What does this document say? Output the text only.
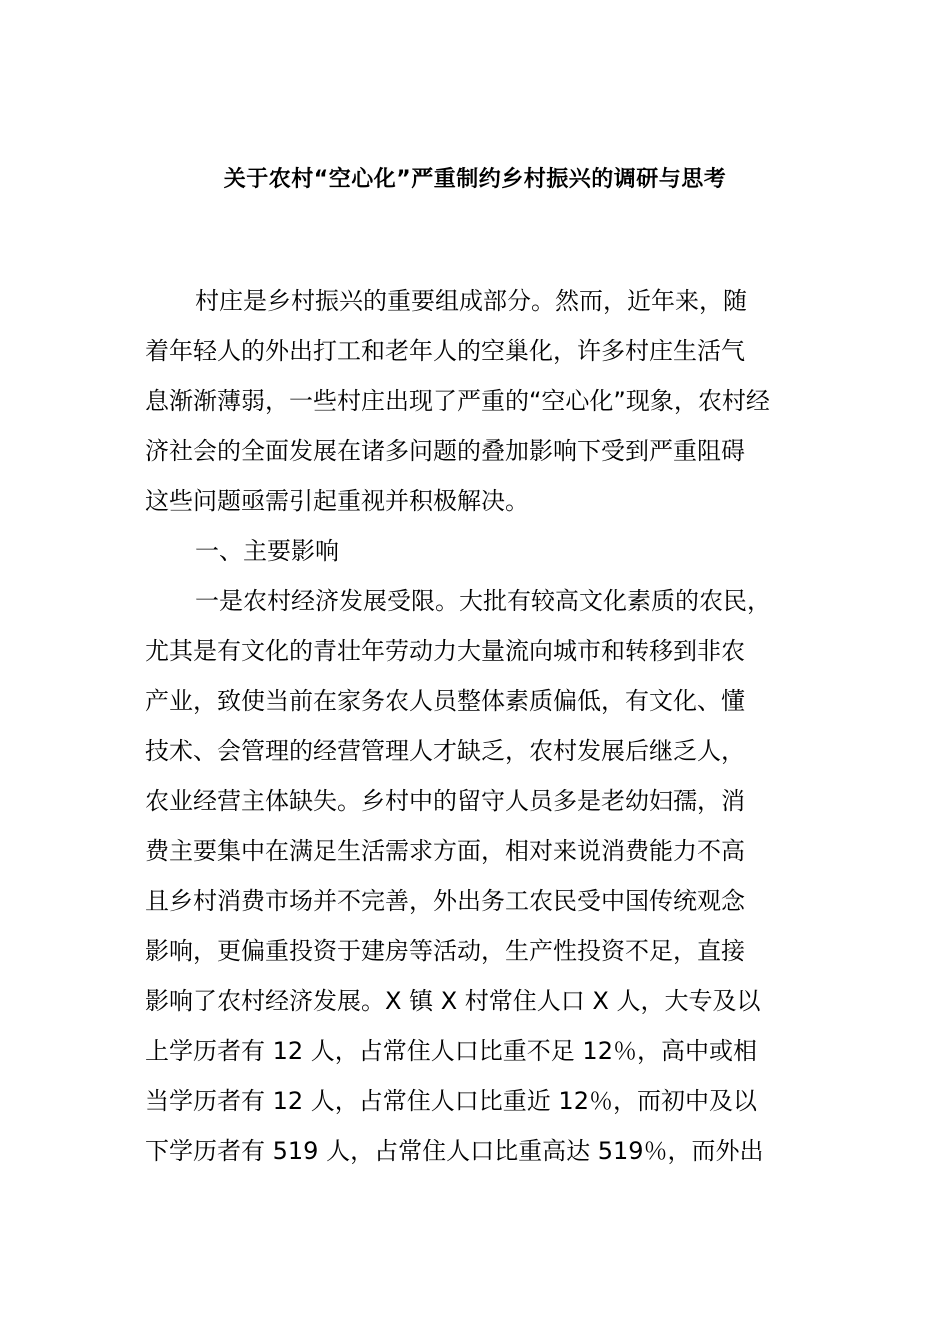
关于农村“空心化”严重制约乡村振兴的调研与思考
村庄是乡村振兴的重要组成部分。然而，近年来，随
着年轻人的外出打工和老年人的空巢化，许多村庄生活气
息渐渐薄弱，一些村庄出现了严重的“空心化”现象，农村经
济社会的全面发展在诸多问题的叠加影响下受到严重阻碍
这些问题亟需引起重视并积极解决。
一、主要影响
一是农村经济发展受限。大批有较高文化素质的农民，
尤其是有文化的青壮年劳动力大量流向城市和转移到非农
产业，致使当前在家务农人员整体素质偏低，有文化、懂
技术、会管理的经营管理人才缺乏，农村发展后继乏人，
农业经营主体缺失。乡村中的留守人员多是老幼妇孺，消
费主要集中在满足生活需求方面，相对来说消费能力不高
且乡村消费市场并不完善，外出务工农民受中国传统观念
影响，更偏重投资于建房等活动，生产性投资不足，直接
影响了农村经济发展。X 镇 X 村常住人口 X 人，大专及以
上学历者有 12 人，占常住人口比重不足 12％，高中或相
当学历者有 12 人，占常住人口比重近 12％，而初中及以
下学历者有 519 人，占常住人口比重高达 519％，而外出
